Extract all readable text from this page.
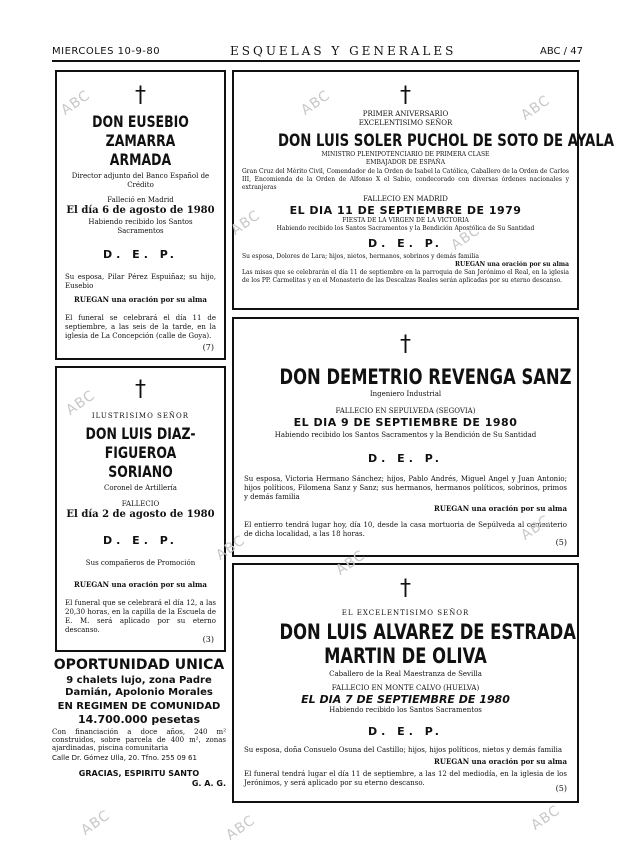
MIERCOLES 10-9-80	ESQUELAS Y GENERALES	ABC / 47
†
DON EUSEBIO ZAMARRA ARMADA
Director adjunto del Banco Español de Crédito
Falleció en Madrid
El día 6 de agosto de 1980
Habiendo recibido los Santos Sacramentos
D. E. P.
Su esposa, Pilar Pérez Espuiñaz; su hijo, Eusebio
RUEGAN una oración por su alma
El funeral se celebrará el día 11 de septiembre, a las seis de la tarde, en la iglesia de La Concepción (calle de Goya).
(7)
†
ILUSTRISIMO SEÑOR
DON LUIS DIAZ-FIGUEROA SORIANO
Coronel de Artillería
FALLECIO
El día 2 de agosto de 1980
D. E. P.
Sus compañeros de Promoción
RUEGAN una oración por su alma
El funeral que se celebrará el día 12, a las 20,30 horas, en la capilla de la Escuela de E. M. será aplicado por su eterno descanso.
(3)
OPORTUNIDAD UNICA
9 chalets lujo, zona Padre Damián, Apolonio Morales
EN REGIMEN DE COMUNIDAD
14.700.000 pesetas
Con financiación a doce años, 240 m² construidos, sobre parcela de 400 m², zonas ajardinadas, piscina comunitaria
Calle Dr. Gómez Ulla, 20. Tfno. 255 09 61
GRACIAS, ESPIRITU SANTO
G. A. G.
†
PRIMER ANIVERSARIO
EXCELENTISIMO SEÑOR
DON LUIS SOLER PUCHOL DE SOTO DE AYALA
MINISTRO PLENIPOTENCIARIO DE PRIMERA CLASE
EMBAJADOR DE ESPAÑA
Gran Cruz del Mérito Civil, Comendador de la Orden de Isabel la Católica, Caballero de la Orden de Carlos III, Encomienda de la Orden de Alfonso X el Sabio, condecorado con diversas órdenes nacionales y extranjeras
FALLECIO EN MADRID
EL DIA 11 DE SEPTIEMBRE DE 1979
FIESTA DE LA VIRGEN DE LA VICTORIA
Habiendo recibido los Santos Sacramentos y la Bendición Apostólica de Su Santidad
D. E. P.
Su esposa, Dolores de Lara; hijos, nietos, hermanos, sobrinos y demás familia
RUEGAN una oración por su alma
Las misas que se celebrarán el día 11 de septiembre en la parroquia de San Jerónimo el Real, en la iglesia de los PP. Carmelitas y en el Monasterio de las Descalzas Reales serán aplicadas por su eterno descanso.
†
DON DEMETRIO REVENGA SANZ
Ingeniero Industrial
FALLECIO EN SEPULVEDA (SEGOVIA)
EL DIA 9 DE SEPTIEMBRE DE 1980
Habiendo recibido los Santos Sacramentos y la Bendición de Su Santidad
D. E. P.
Su esposa, Victoria Hermano Sánchez; hijos, Pablo Andrés, Miguel Angel y Juan Antonio; hijos políticos, Filomena Sanz y Sanz; sus hermanos, hermanos políticos, sobrinos, primos y demás familia
RUEGAN una oración por su alma
El entierro tendrá lugar hoy, día 10, desde la casa mortuoria de Sepúlveda al cementerio de dicha localidad, a las 18 horas.
(5)
†
EL EXCELENTISIMO SEÑOR
DON LUIS ALVAREZ DE ESTRADA
MARTIN DE OLIVA
Caballero de la Real Maestranza de Sevilla
FALLECIO EN MONTE CALVO (HUELVA)
EL DIA 7 DE SEPTIEMBRE DE 1980
Habiendo recibido los Santos Sacramentos
D. E. P.
Su esposa, doña Consuelo Osuna del Castillo; hijos, hijos políticos, nietos y demás familia
RUEGAN una oración por su alma
El funeral tendrá lugar el día 11 de septiembre, a las 12 del mediodía, en la iglesia de los Jerónimos, y será aplicado por su eterno descanso.
(5)
ABC	ABC	ABC
ABC
ABC	ABC
ABC
ABC	ABC
ABC	ABC	ABC
